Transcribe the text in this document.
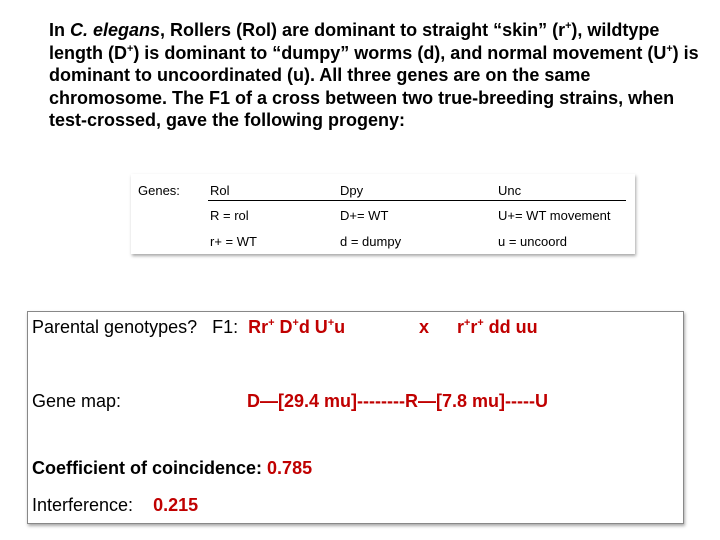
In C. elegans, Rollers (Rol) are dominant to straight “skin” (r+), wildtype length (D+) is dominant to “dumpy” worms (d), and normal movement (U+) is dominant to uncoordinated (u). All three genes are on the same chromosome. The F1 of a cross between two true-breeding strains, when test-crossed, gave the following progeny:

Genes: Rol	Dpy	Unc
R = rol	D+= WT	U+= WT movement
r+ = WT	d = dumpy	u = uncoord
Parental genotypes? F1: Rr+ D+d U+u	x r+r+ dd uu
Gene map:	D—[29.4 mu]--------R—[7.8 mu]-----U
Coefficient of coincidence: 0.785
Interference: 0.215
